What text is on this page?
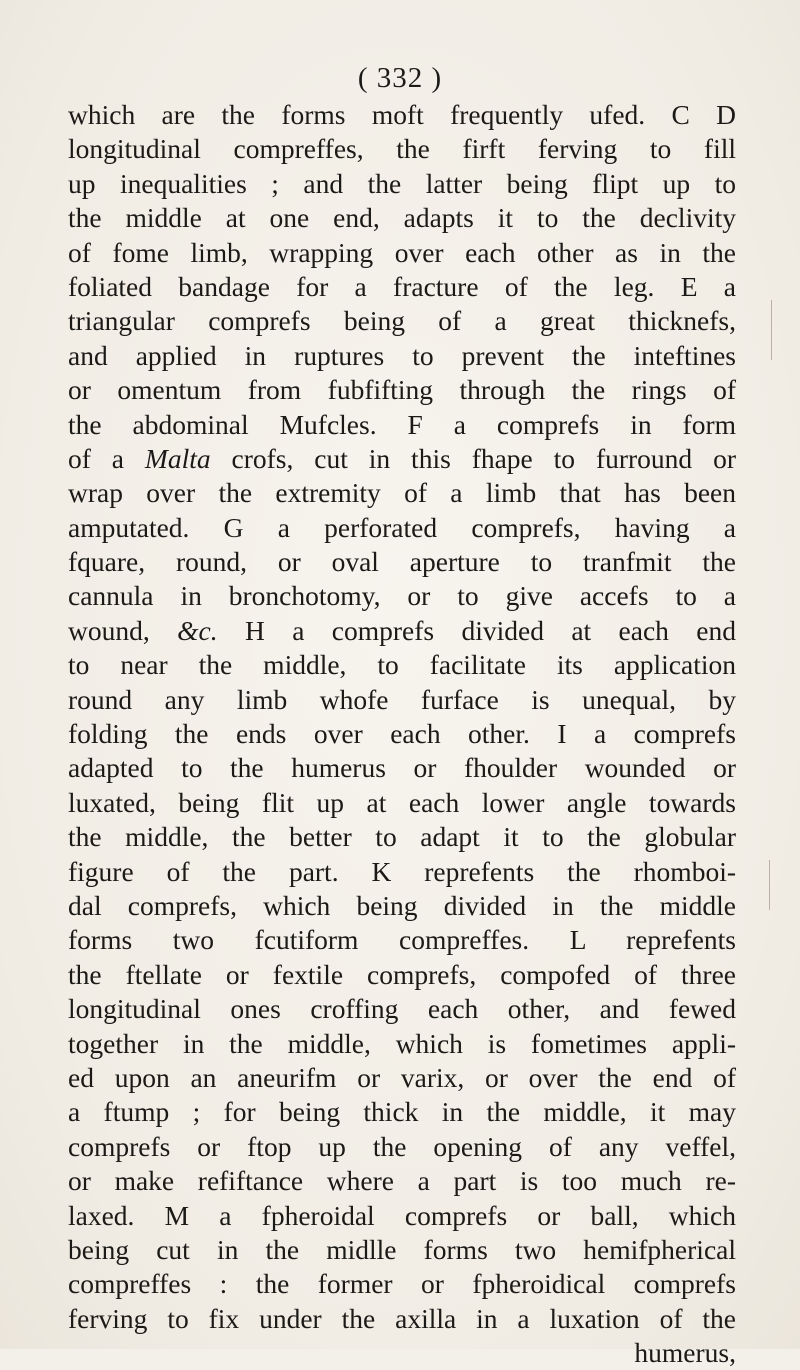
( 332 )
which are the forms moft frequently ufed. C D
longitudinal compreffes, the firft ferving to fill
up inequalities ; and the latter being flipt up to
the middle at one end, adapts it to the declivity
of fome limb, wrapping over each other as in the
foliated bandage for a fracture of the leg. E a
triangular comprefs being of a great thicknefs,
and applied in ruptures to prevent the inteftines
or omentum from fubfifting through the rings of
the abdominal Mufcles. F a comprefs in form
of a Malta crofs, cut in this fhape to furround or
wrap over the extremity of a limb that has been
amputated. G a perforated comprefs, having a
fquare, round, or oval aperture to tranfmit the
cannula in bronchotomy, or to give accefs to a
wound, &c. H a comprefs divided at each end
to near the middle, to facilitate its application
round any limb whofe furface is unequal, by
folding the ends over each other. I a comprefs
adapted to the humerus or fhoulder wounded or
luxated, being flit up at each lower angle towards
the middle, the better to adapt it to the globular
figure of the part. K reprefents the rhomboi-
dal comprefs, which being divided in the middle
forms two fcutiform compreffes. L reprefents
the ftellate or fextile comprefs, compofed of three
longitudinal ones croffing each other, and fewed
together in the middle, which is fometimes appli-
ed upon an aneurifm or varix, or over the end of
a ftump ; for being thick in the middle, it may
comprefs or ftop up the opening of any veffel,
or make refiftance where a part is too much re-
laxed. M a fpheroidal comprefs or ball, which
being cut in the midlle forms two hemifpherical
compreffes : the former or fpheroidical comprefs
ferving to fix under the axilla in a luxation of the
humerus,
